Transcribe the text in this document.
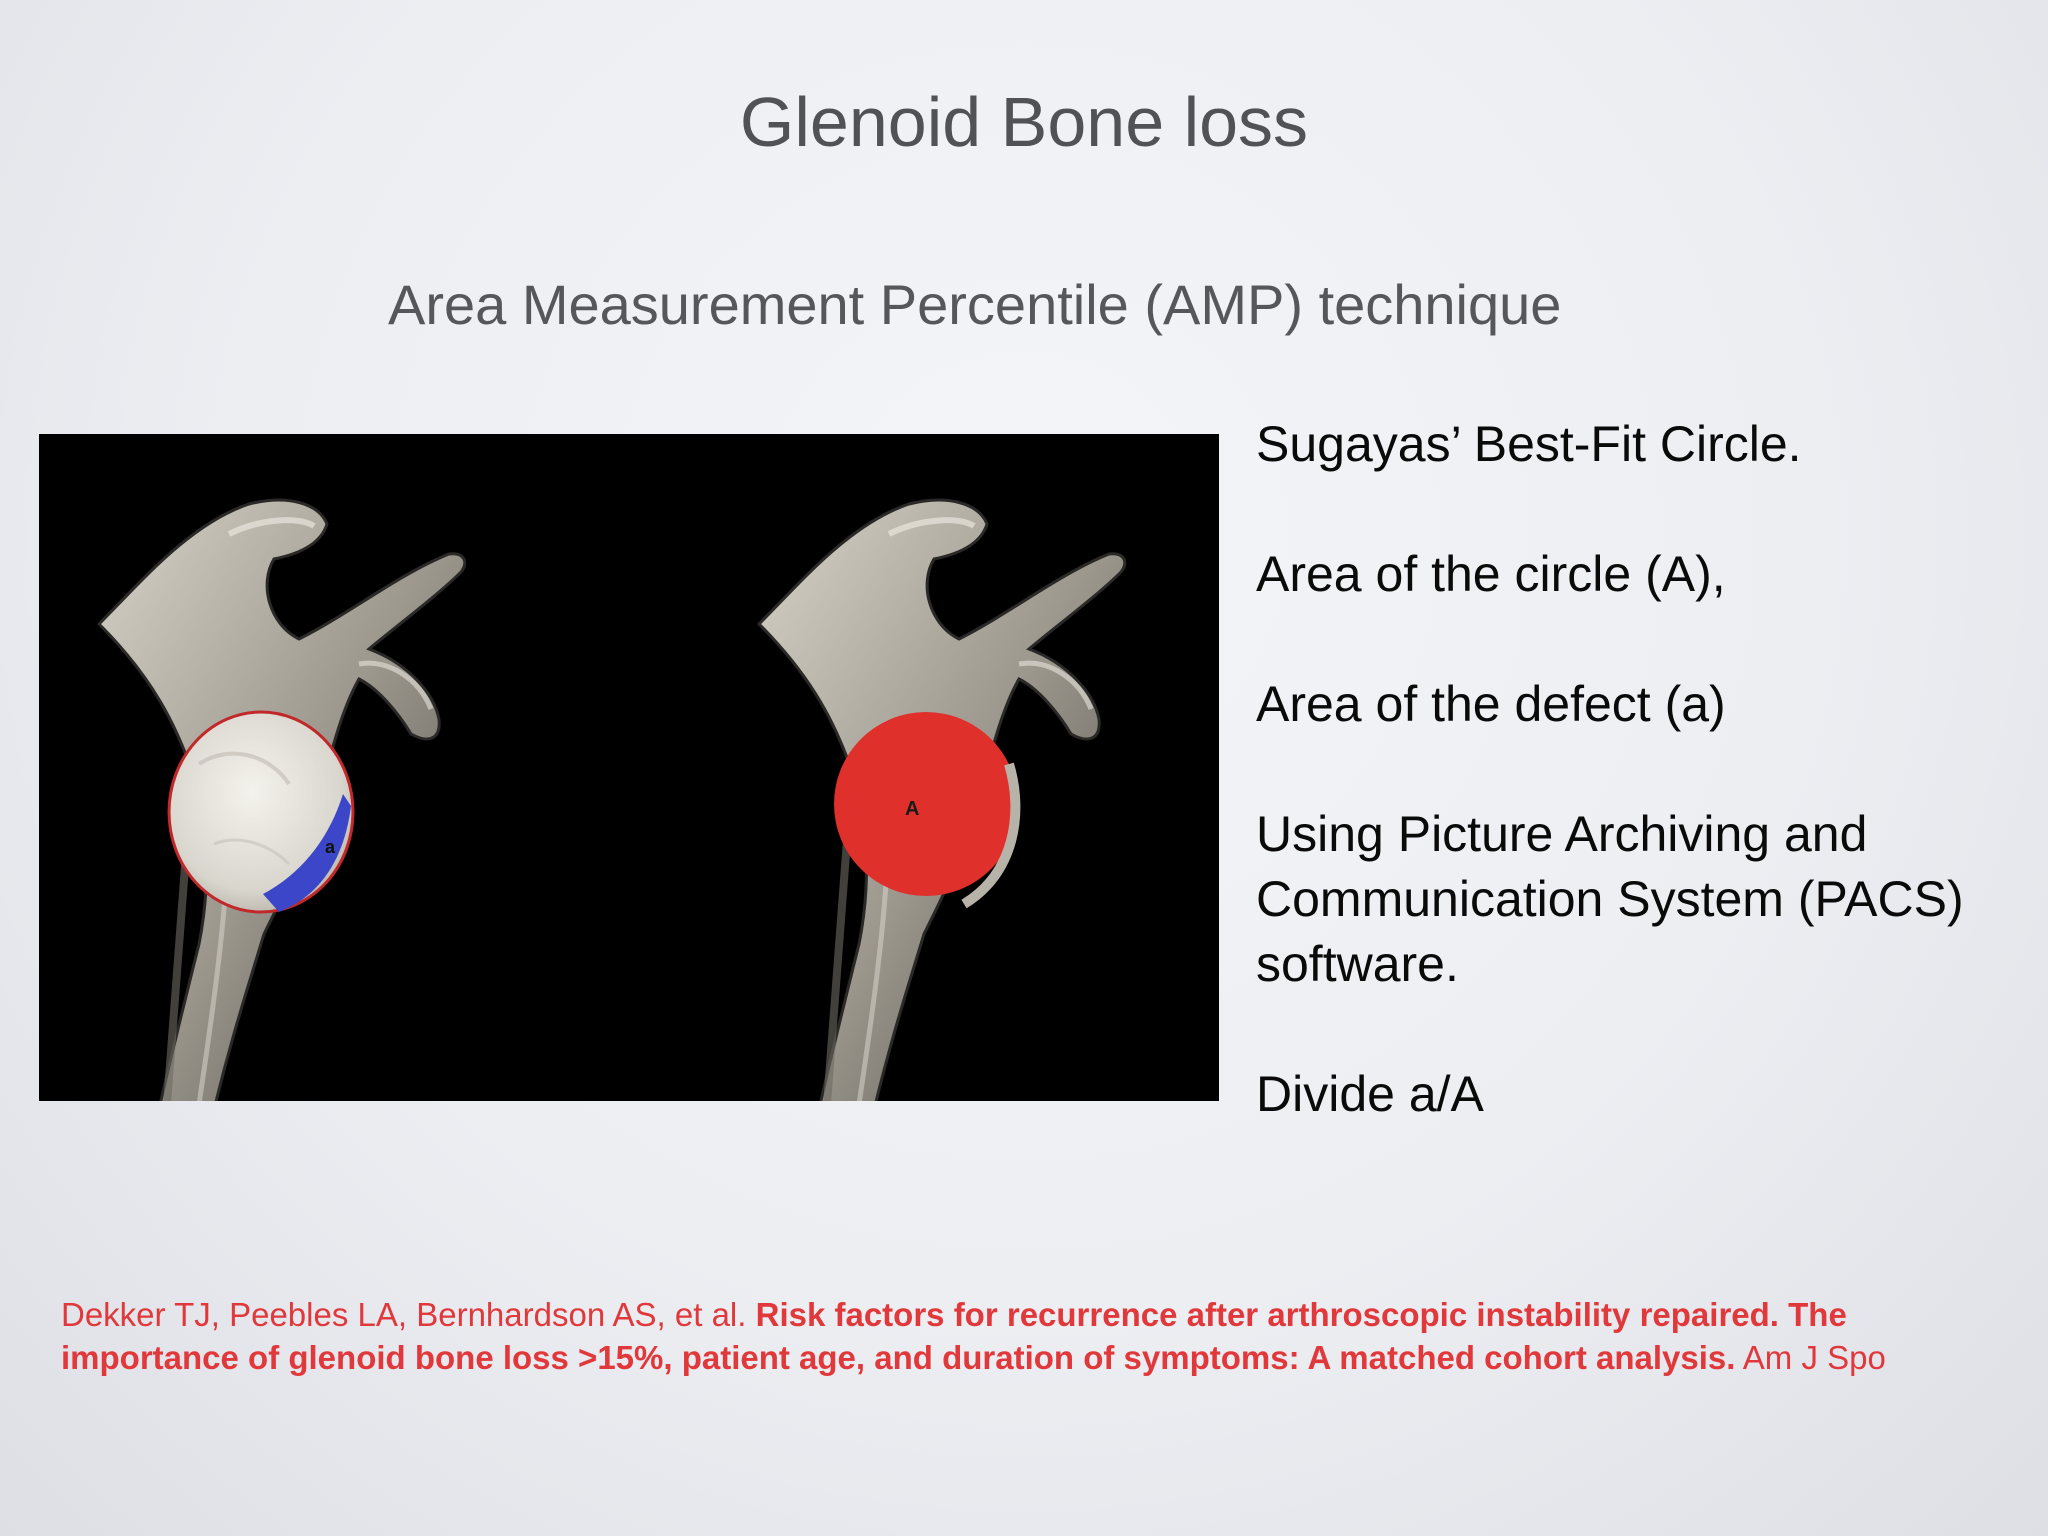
Glenoid Bone loss
Area Measurement Percentile (AMP) technique
a
A
Sugayas’ Best-Fit Circle.
Area of the circle (A),
Area of the defect (a)
Using Picture Archiving and Communication System (PACS) software.
Divide a/A

Dekker TJ, Peebles LA, Bernhardson AS, et al. Risk factors for recurrence after arthroscopic instability repaired. The
importance of glenoid bone loss >15%, patient age, and duration of symptoms: A matched cohort analysis. Am J Spo
